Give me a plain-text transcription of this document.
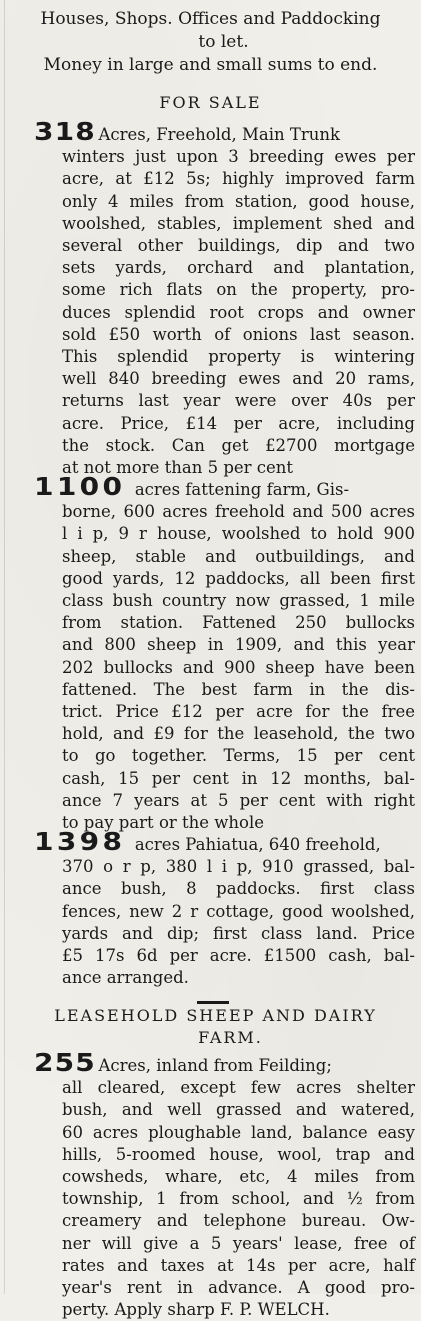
Houses, Shops. Offices and Paddocking

to let.

Money in large and small sums to end.

FOR SALE

318 Acres, Freehold, Main Trunk

winters just upon 3 breeding ewes per

acre, at £12 5s; highly improved farm

only 4 miles from station, good house,

woolshed, stables, implement shed and

several other buildings, dip and two

sets yards, orchard and plantation,

some rich flats on the property, pro-

duces splendid root crops and owner

sold £50 worth of onions last season.

This splendid property is wintering

well 840 breeding ewes and 20 rams,

returns last year were over 40s per

acre. Price, £14 per acre, including

the stock. Can get £2700 mortgage

at not more than 5 per cent

1100 acres fattening farm, Gis-

borne, 600 acres freehold and 500 acres

l i p, 9 r house, woolshed to hold 900

sheep, stable and outbuildings, and

good yards, 12 paddocks, all been first

class bush country now grassed, 1 mile

from station. Fattened 250 bullocks

and 800 sheep in 1909, and this year

202 bullocks and 900 sheep have been

fattened. The best farm in the dis-

trict. Price £12 per acre for the free

hold, and £9 for the leasehold, the two

to go together. Terms, 15 per cent

cash, 15 per cent in 12 months, bal-

ance 7 years at 5 per cent with right

to pay part or the whole

1398 acres Pahiatua, 640 freehold,

370 o r p, 380 l i p, 910 grassed, bal-

ance bush, 8 paddocks. first class

fences, new 2 r cottage, good woolshed,

yards and dip; first class land. Price

£5 17s 6d per acre. £1500 cash, bal-

ance arranged.

LEASEHOLD SHEEP AND DAIRY
FARM.

255 Acres, inland from Feilding;

all cleared, except few acres shelter

bush, and well grassed and watered,

60 acres ploughable land, balance easy

hills, 5-roomed house, wool, trap and

cowsheds, whare, etc, 4 miles from

township, 1 from school, and ½ from

creamery and telephone bureau. Ow-

ner will give a 5 years' lease, free of

rates and taxes at 14s per acre, half

year's rent in advance. A good pro-

perty. Apply sharp F. P. WELCH.
